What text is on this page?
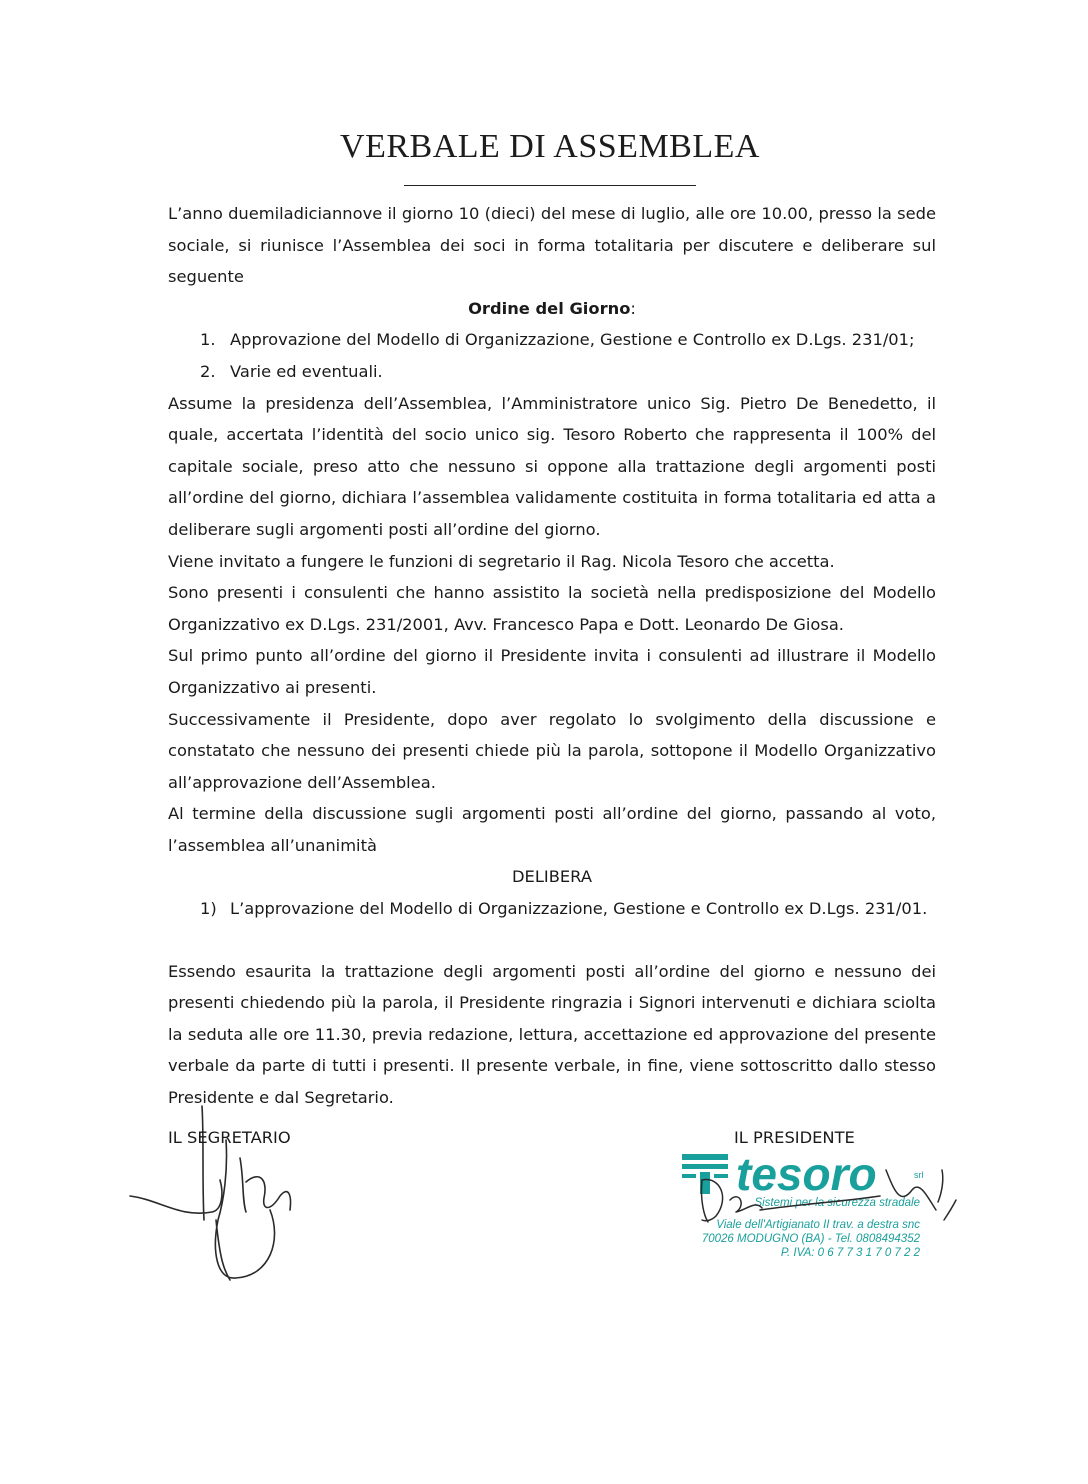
VERBALE DI ASSEMBLEA

L’anno duemiladiciannove il giorno 10 (dieci) del mese di luglio, alle ore 10.00, presso la sede sociale, si riunisce l’Assemblea dei soci in forma totalitaria per discutere e deliberare sul seguente

Ordine del Giorno:

1. Approvazione del Modello di Organizzazione, Gestione e Controllo ex D.Lgs. 231/01;
2. Varie ed eventuali.

Assume la presidenza dell’Assemblea, l’Amministratore unico Sig. Pietro De Benedetto, il quale, accertata l’identità del socio unico sig. Tesoro Roberto che rappresenta il 100% del capitale sociale, preso atto che nessuno si oppone alla trattazione degli argomenti posti all’ordine del giorno, dichiara l’assemblea validamente costituita in forma totalitaria ed atta a deliberare sugli argomenti posti all’ordine del giorno.

Viene invitato a fungere le funzioni di segretario il Rag. Nicola Tesoro che accetta.

Sono presenti i consulenti che hanno assistito la società nella predisposizione del Modello Organizzativo ex D.Lgs. 231/2001, Avv. Francesco Papa e Dott. Leonardo De Giosa.

Sul primo punto all’ordine del giorno il Presidente invita i consulenti ad illustrare il Modello Organizzativo ai presenti.

Successivamente il Presidente, dopo aver regolato lo svolgimento della discussione e constatato che nessuno dei presenti chiede più la parola, sottopone il Modello Organizzativo all’approvazione dell’Assemblea.

Al termine della discussione sugli argomenti posti all’ordine del giorno, passando al voto, l’assemblea all’unanimità

DELIBERA

1) L’approvazione del Modello di Organizzazione, Gestione e Controllo ex D.Lgs. 231/01.

Essendo esaurita la trattazione degli argomenti posti all’ordine del giorno e nessuno dei presenti chiedendo più la parola, il Presidente ringrazia i Signori intervenuti e dichiara sciolta la seduta alle ore 11.30, previa redazione, lettura, accettazione ed approvazione del presente verbale da parte di tutti i presenti. Il presente verbale, in fine, viene sottoscritto dallo stesso Presidente e dal Segretario.

IL SEGRETARIO	IL PRESIDENTE
tesoro	srl
Sistemi per la sicurezza stradale
Viale dell'Artigianato II trav. a destra snc
70026 MODUGNO (BA) - Tel. 0808494352
P. IVA: 0 6 7 7 3 1 7 0 7 2 2
